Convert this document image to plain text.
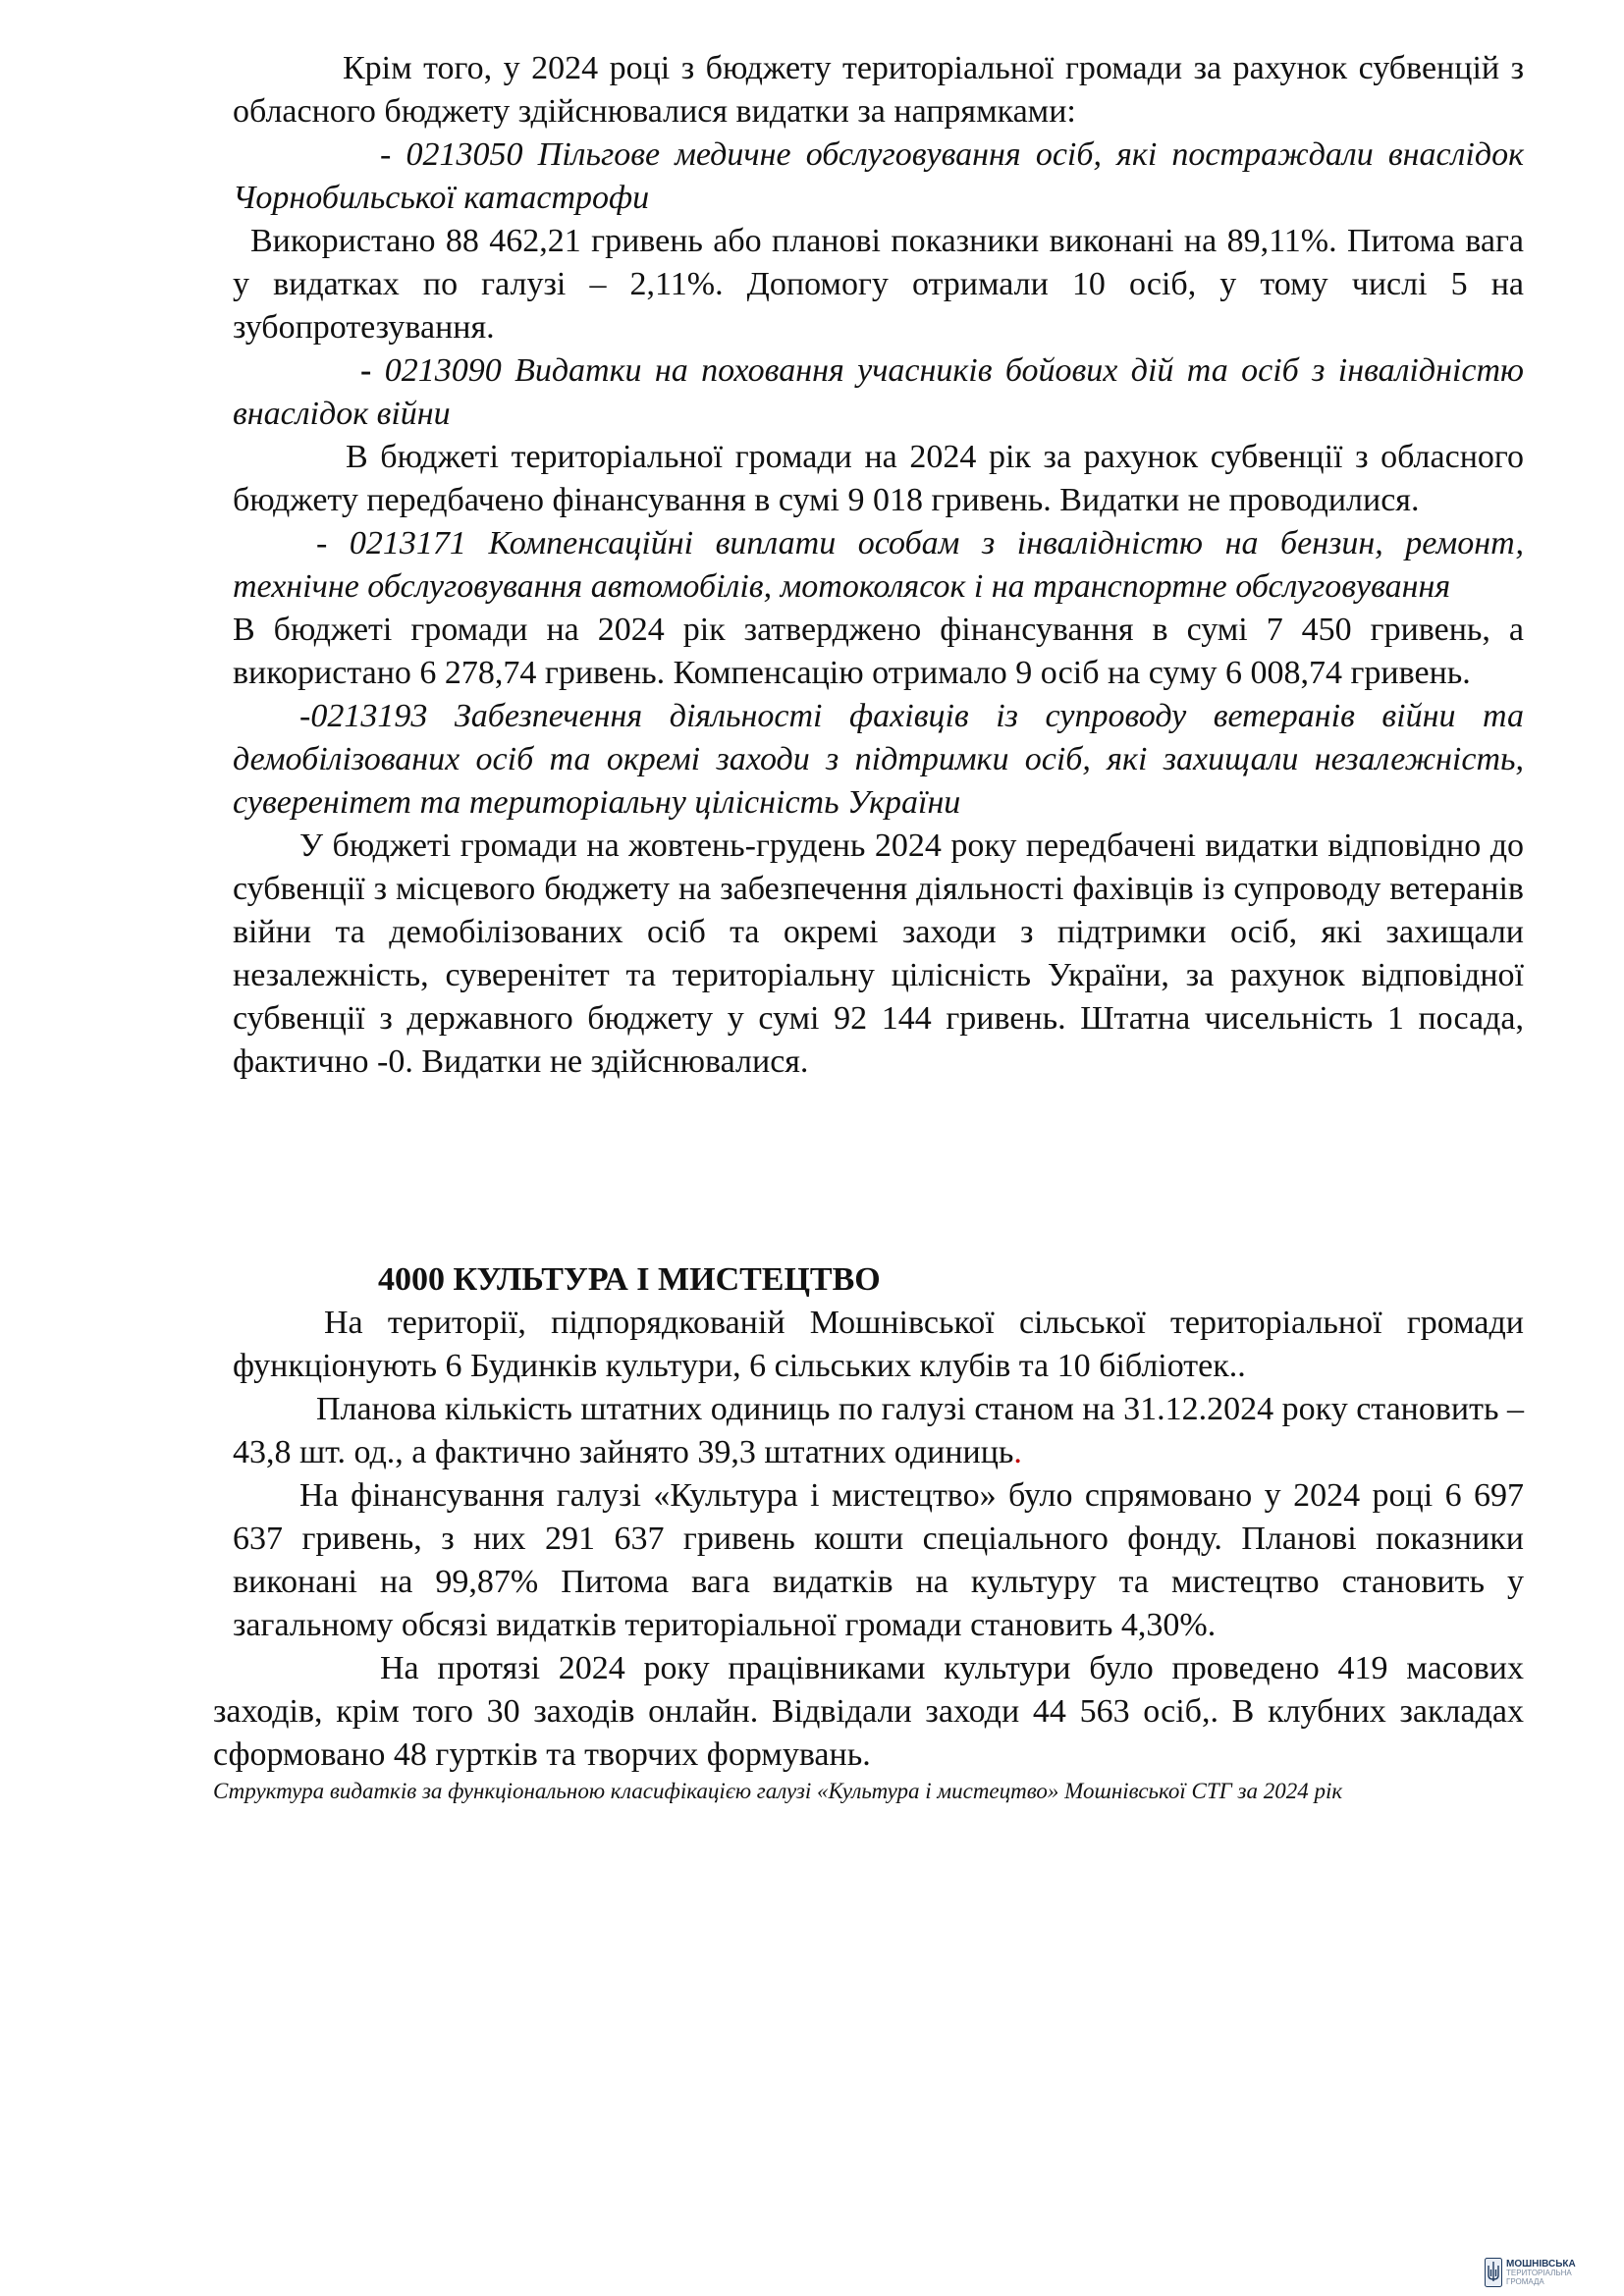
Крім того, у 2024 році з бюджету територіальної громади за рахунок субвенцій з обласного бюджету здійснювалися видатки за напрямками:

- 0213050 Пільгове медичне обслуговування осіб, які постраждали внаслідок Чорнобильської катастрофи

Використано 88 462,21 гривень або планові показники виконані на 89,11%. Питома вага у видатках по галузі – 2,11%. Допомогу отримали 10 осіб, у тому числі 5 на зубопротезування.

- 0213090 Видатки на поховання учасників бойових дій та осіб з інвалідністю внаслідок війни

В бюджеті територіальної громади на 2024 рік за рахунок субвенції з обласного бюджету передбачено фінансування в сумі 9 018 гривень. Видатки не проводилися.

- 0213171 Компенсаційні виплати особам з інвалідністю на бензин, ремонт, технічне обслуговування автомобілів, мотоколясок і на транспортне обслуговування

В бюджеті громади на 2024 рік затверджено фінансування в сумі 7 450 гривень, а використано 6 278,74 гривень. Компенсацію отримало 9 осіб на суму 6 008,74 гривень.

-0213193 Забезпечення діяльності фахівців із супроводу ветеранів війни та демобілізованих осіб та окремі заходи з підтримки осіб, які захищали незалежність, суверенітет та територіальну цілісність України

У бюджеті громади на жовтень-грудень 2024 року передбачені видатки відповідно до субвенції з місцевого бюджету на забезпечення діяльності фахівців із супроводу ветеранів війни та демобілізованих осіб та окремі заходи з підтримки осіб, які захищали незалежність, суверенітет та територіальну цілісність України, за рахунок відповідної субвенції з державного бюджету у сумі 92 144 гривень. Штатна чисельність 1 посада, фактично -0. Видатки не здійснювалися.

4000 КУЛЬТУРА І МИСТЕЦТВО

На території, підпорядкованій Мошнівської сільської територіальної громади функціонують 6 Будинків культури, 6 сільських клубів та 10 бібліотек..

Планова кількість штатних одиниць по галузі станом на 31.12.2024 року становить – 43,8 шт. од., а фактично зайнято 39,3 штатних одиниць.

На фінансування галузі «Культура і мистецтво» було спрямовано у 2024 році 6 697 637 гривень, з них 291 637 гривень кошти спеціального фонду. Планові показники виконані на 99,87% Питома вага видатків на культуру та мистецтво становить у загальному обсязі видатків територіальної громади становить 4,30%.

На протязі 2024 року працівниками культури було проведено 419 масових заходів, крім того 30 заходів онлайн. Відвідали заходи 44 563 осіб,. В клубних закладах сформовано 48 гуртків та творчих формувань.

Структура видатків за функціональною класифікацією галузі «Культура і мистецтво» Мошнівської СТГ за 2024 рік

МОШНІВСЬКА
ТЕРИТОРІАЛЬНА
ГРОМАДА
